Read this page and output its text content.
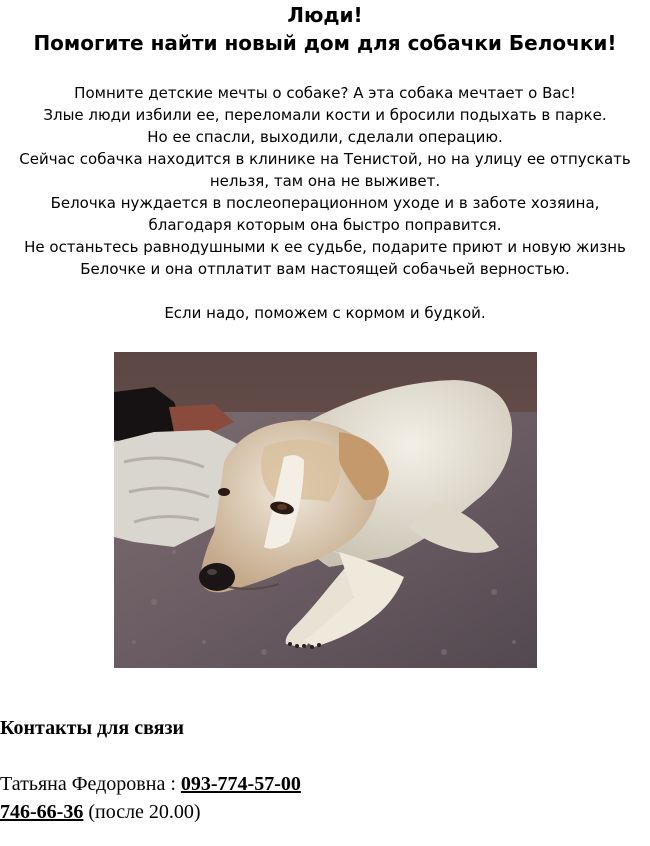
Люди!
Помогите найти новый дом для собачки Белочки!
Помните детские мечты о собаке? А эта собака мечтает о Вас!
Злые люди избили ее, переломали кости и бросили подыхать в парке.
Но ее спасли, выходили, сделали операцию.
Сейчас собачка находится в клинике на Тенистой, но на улицу ее отпускать
нельзя, там она не выживет.
Белочка нуждается в послеоперационном уходе и в заботе хозяина,
благодаря которым она быстро поправится.
Не останьтесь равнодушными к ее судьбе, подарите приют и новую жизнь
Белочке и она отплатит вам настоящей собачьей верностью.
Если надо, поможем с кормом и будкой.
Контакты для связи
Татьяна Федоровна : 093-774-57-00
746-66-36 (после 20.00)
